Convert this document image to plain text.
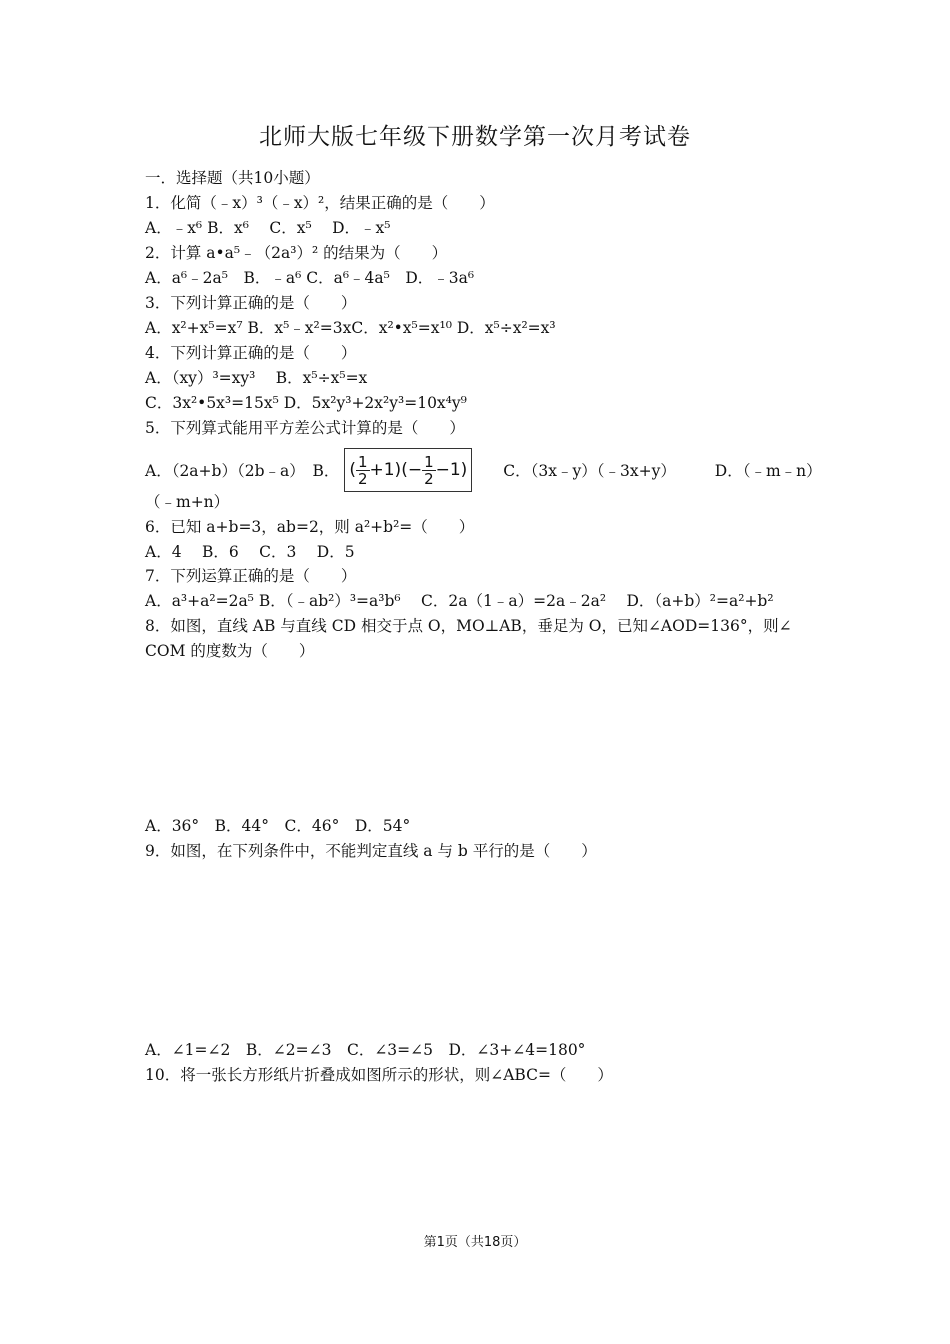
北师大版七年级下册数学第一次月考试卷
一．选择题（共10小题）
1．化简（﹣x）³（﹣x）²，结果正确的是（　　）
A．﹣x⁶ B．x⁶　 C．x⁵　 D．﹣x⁵
2．计算 a•a⁵﹣（2a³）² 的结果为（　　）
A．a⁶﹣2a⁵　B．﹣a⁶ C．a⁶﹣4a⁵　D．﹣3a⁶
3．下列计算正确的是（　　）
A．x²+x⁵=x⁷ B．x⁵﹣x²=3xC．x²•x⁵=x¹⁰ D．x⁵÷x²=x³
4．下列计算正确的是（　　）
A．（xy）³=xy³　 B．x⁵÷x⁵=x
C．3x²•5x³=15x⁵ D．5x²y³+2x²y³=10x⁴y⁹
5．下列算式能用平方差公式计算的是（　　）
A．（2a+b）（2b﹣a）　B． ( $\frac{1}{2} +1)(- \frac{1}{2} -1)$ C．（3x﹣y）（﹣3x+y）	D．（﹣m﹣n）
（﹣m+n）
6．已知 a+b=3，ab=2，则 a²+b²=（　　）
A．4　 B．6　 C．3　 D．5
7．下列运算正确的是（　　）
A．a³+a²=2a⁵ B．（﹣ab²）³=a³b⁶　 C．2a（1﹣a）=2a﹣2a²　 D．（a+b）²=a²+b²
8．如图，直线 AB 与直线 CD 相交于点 O，MO⊥AB，垂足为 O，已知∠AOD=136°，则∠
COM 的度数为（　　）
A．36°　B．44°　C．46°　D．54°
9．如图，在下列条件中，不能判定直线 a 与 b 平行的是（　　）
A．∠1=∠2　B．∠2=∠3　C．∠3=∠5　D．∠3+∠4=180°
10．将一张长方形纸片折叠成如图所示的形状，则∠ABC=（　　）
第1页（共18页）
